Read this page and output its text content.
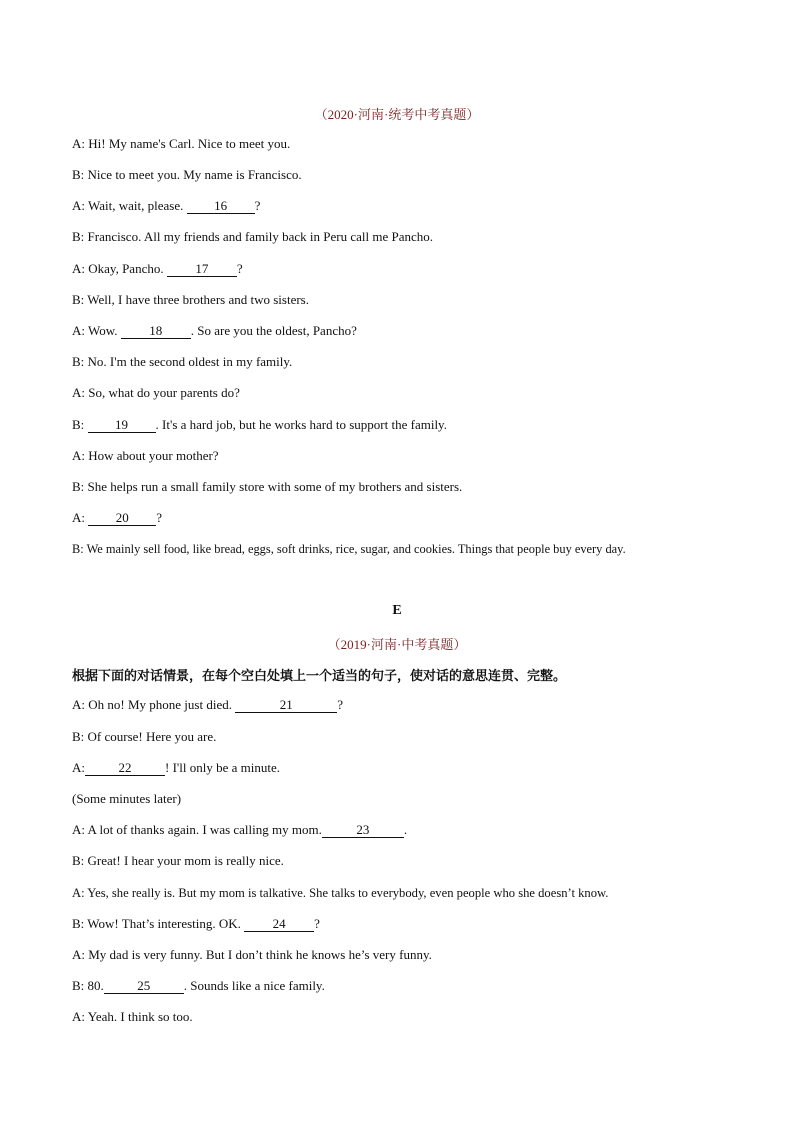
（2020·河南·统考中考真题）
A: Hi! My name's Carl. Nice to meet you.
B: Nice to meet you. My name is Francisco.
A: Wait, wait, please. 16 ?
B: Francisco. All my friends and family back in Peru call me Pancho.
A: Okay, Pancho. 17 ?
B: Well, I have three brothers and two sisters.
A: Wow. 18 . So are you the oldest, Pancho?
B: No. I'm the second oldest in my family.
A: So, what do your parents do?
B: 19 . It's a hard job, but he works hard to support the family.
A: How about your mother?
B: She helps run a small family store with some of my brothers and sisters.
A: 20 ?
B: We mainly sell food, like bread, eggs, soft drinks, rice, sugar, and cookies. Things that people buy every day.
E
（2019·河南·中考真题）
根据下面的对话情景，在每个空白处填上一个适当的句子，使对话的意思连贯、完整。
A: Oh no! My phone just died.	21	?
B: Of course! Here you are.
A:	22	! I'll only be a minute.
(Some minutes later)
A: A lot of thanks again. I was calling my mom.	23	.
B: Great! I hear your mom is really nice.
A: Yes, she really is. But my mom is talkative. She talks to everybody, even people who she doesn’t know.
B: Wow! That’s interesting. OK. 24 ?
A: My dad is very funny. But I don’t think he knows he’s very funny.
B: 80.	25	. Sounds like a nice family.
A: Yeah. I think so too.
